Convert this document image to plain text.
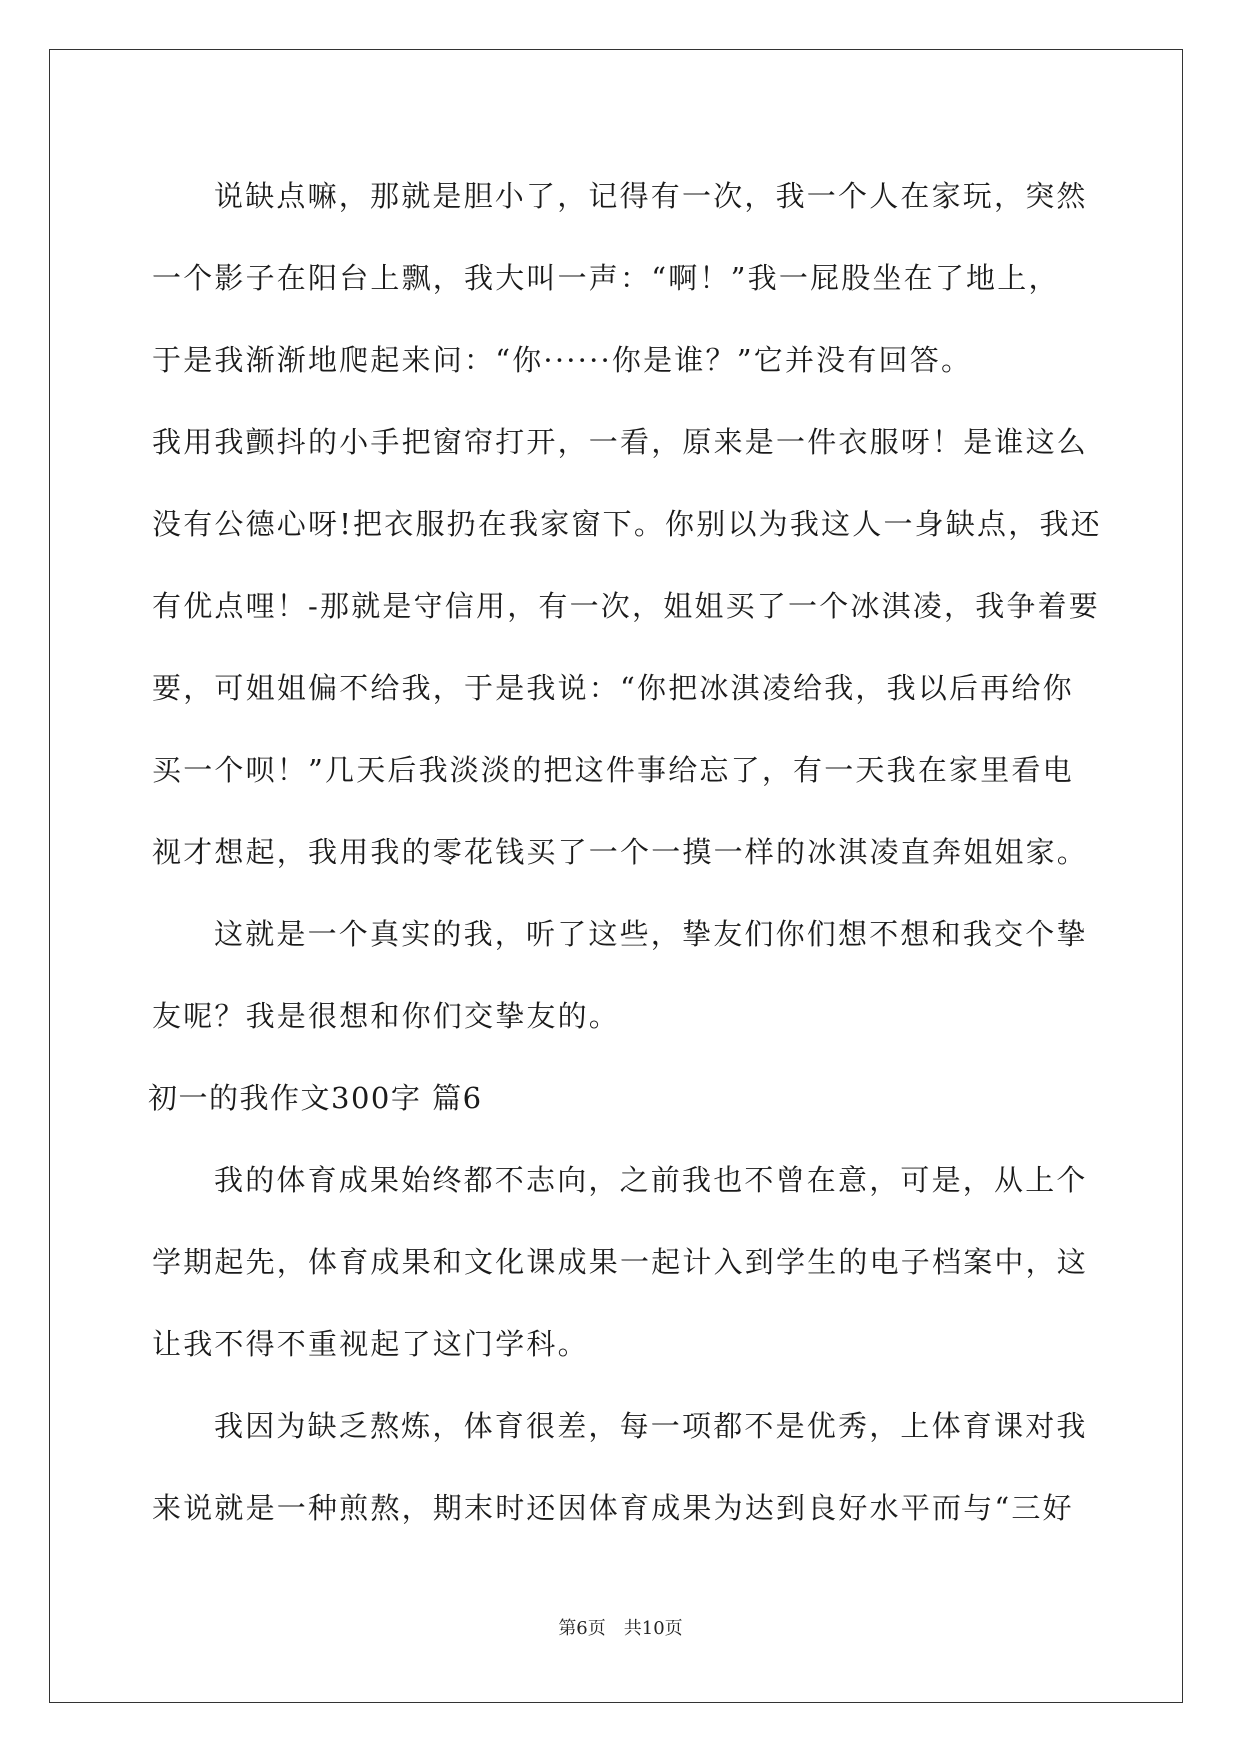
说缺点嘛，那就是胆小了，记得有一次，我一个人在家玩，突然
一个影子在阳台上飘，我大叫一声：“啊！”我一屁股坐在了地上，
于是我渐渐地爬起来问：“你······你是谁？”它并没有回答。
我用我颤抖的小手把窗帘打开，一看，原来是一件衣服呀！是谁这么
没有公德心呀!把衣服扔在我家窗下。你别以为我这人一身缺点，我还
有优点哩！-那就是守信用，有一次，姐姐买了一个冰淇凌，我争着要
要，可姐姐偏不给我，于是我说：“你把冰淇凌给我，我以后再给你
买一个呗！”几天后我淡淡的把这件事给忘了，有一天我在家里看电
视才想起，我用我的零花钱买了一个一摸一样的冰淇凌直奔姐姐家。

这就是一个真实的我，听了这些，挚友们你们想不想和我交个挚
友呢？我是很想和你们交挚友的。

初一的我作文300字 篇6

我的体育成果始终都不志向，之前我也不曾在意，可是，从上个
学期起先，体育成果和文化课成果一起计入到学生的电子档案中，这
让我不得不重视起了这门学科。

我因为缺乏熬炼，体育很差，每一项都不是优秀，上体育课对我
来说就是一种煎熬，期末时还因体育成果为达到良好水平而与“三好

第6页 共10页
